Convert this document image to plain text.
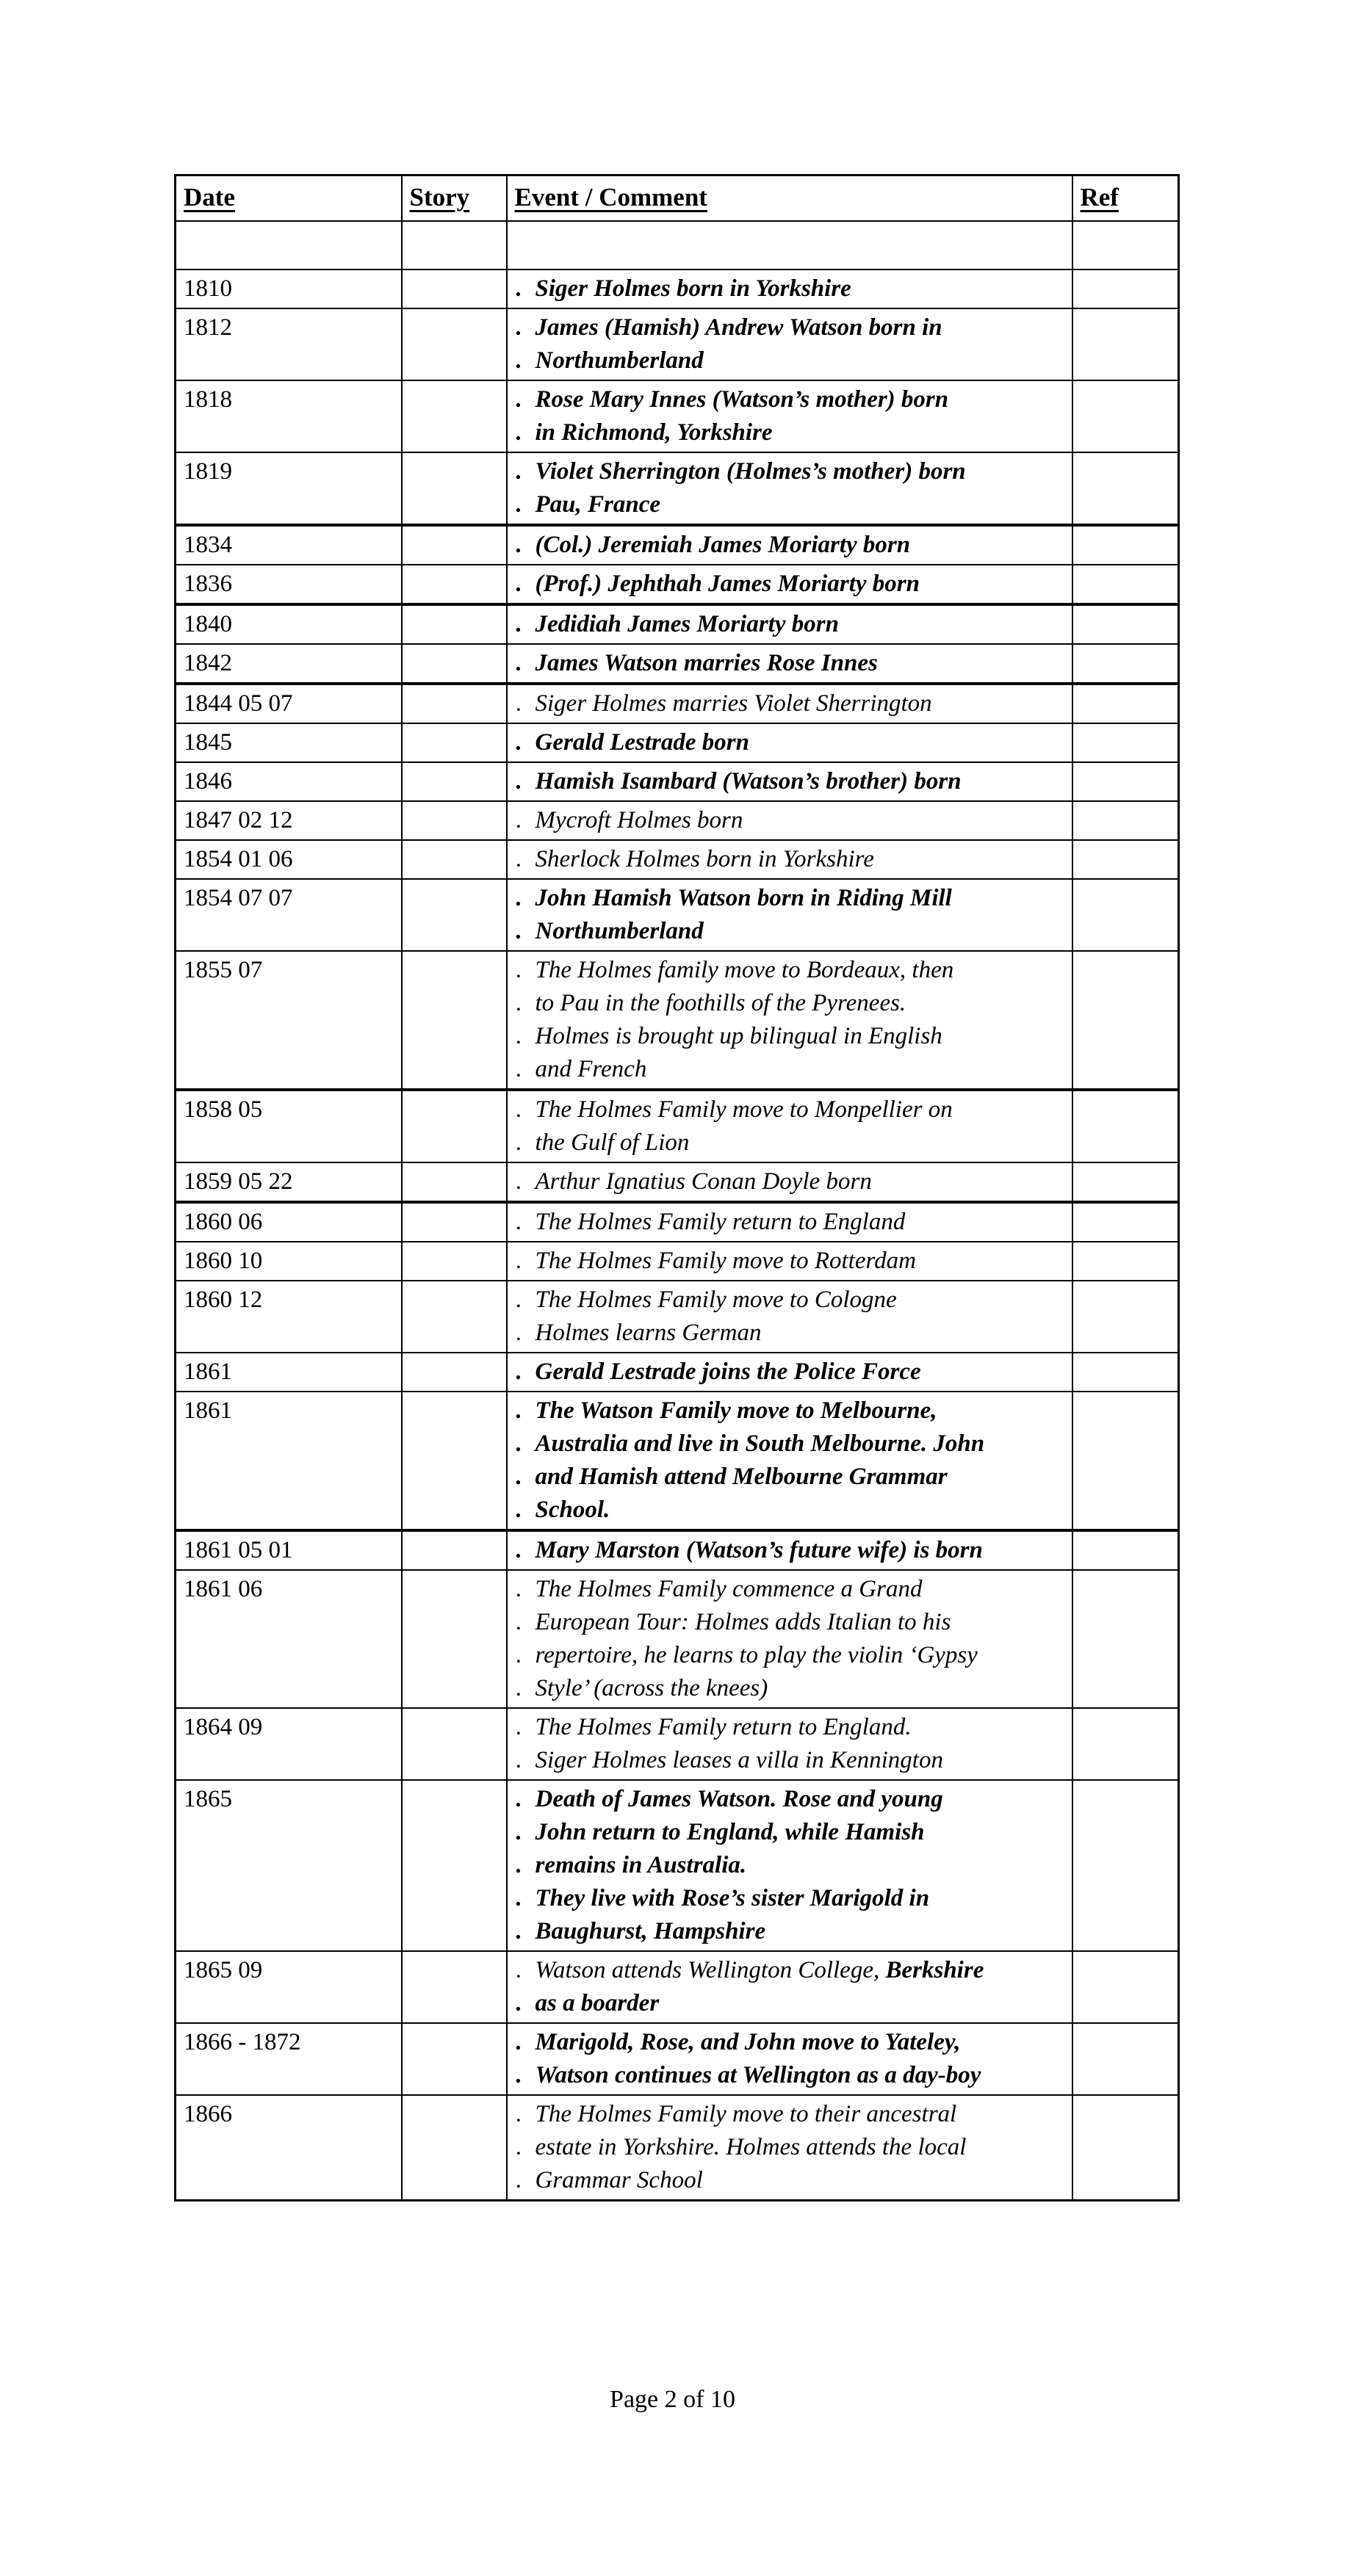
Date	Story	Event / Comment	Ref

1810		. Siger Holmes born in Yorkshire	

1812		. James (Hamish) Andrew Watson born in
. Northumberland	

1818		. Rose Mary Innes (Watson’s mother) born
. in Richmond, Yorkshire	

1819		. Violet Sherrington (Holmes’s mother) born
. Pau, France	

1834		. (Col.) Jeremiah James Moriarty born	

1836		. (Prof.) Jephthah James Moriarty born	

1840		. Jedidiah James Moriarty born	

1842		. James Watson marries Rose Innes	

1844 05 07		. Siger Holmes marries Violet Sherrington	

1845		. Gerald Lestrade born	

1846		. Hamish Isambard (Watson’s brother) born	

1847 02 12		. Mycroft Holmes born	

1854 01 06		. Sherlock Holmes born in Yorkshire	

1854 07 07		. John Hamish Watson born in Riding Mill
. Northumberland	

1855 07		. The Holmes family move to Bordeaux, then
. to Pau in the foothills of the Pyrenees.
. Holmes is brought up bilingual in English
. and French

1858 05		. The Holmes Family move to Monpellier on
. the Gulf of Lion	

1859 05 22		. Arthur Ignatius Conan Doyle born	

1860 06		. The Holmes Family return to England	

1860 10		. The Holmes Family move to Rotterdam	

1860 12		. The Holmes Family move to Cologne
. Holmes learns German	

1861		. Gerald Lestrade joins the Police Force	

1861		. The Watson Family move to Melbourne,
. Australia and live in South Melbourne. John
. and Hamish attend Melbourne Grammar
. School.

1861 05 01		. Mary Marston (Watson’s future wife) is born	

1861 06		. The Holmes Family commence a Grand
. European Tour: Holmes adds Italian to his
. repertoire, he learns to play the violin ‘Gypsy
. Style’ (across the knees)

1864 09		. The Holmes Family return to England.
. Siger Holmes leases a villa in Kennington	

1865		. Death of James Watson. Rose and young
. John return to England, while Hamish
. remains in Australia.
. They live with Rose’s sister Marigold in
. Baughurst, Hampshire

1865 09		. Watson attends Wellington College, Berkshire
. as a boarder	

1866 - 1872		. Marigold, Rose, and John move to Yateley,
. Watson continues at Wellington as a day-boy	

1866		. The Holmes Family move to their ancestral
. estate in Yorkshire. Holmes attends the local
. Grammar School

Page 2 of 10
